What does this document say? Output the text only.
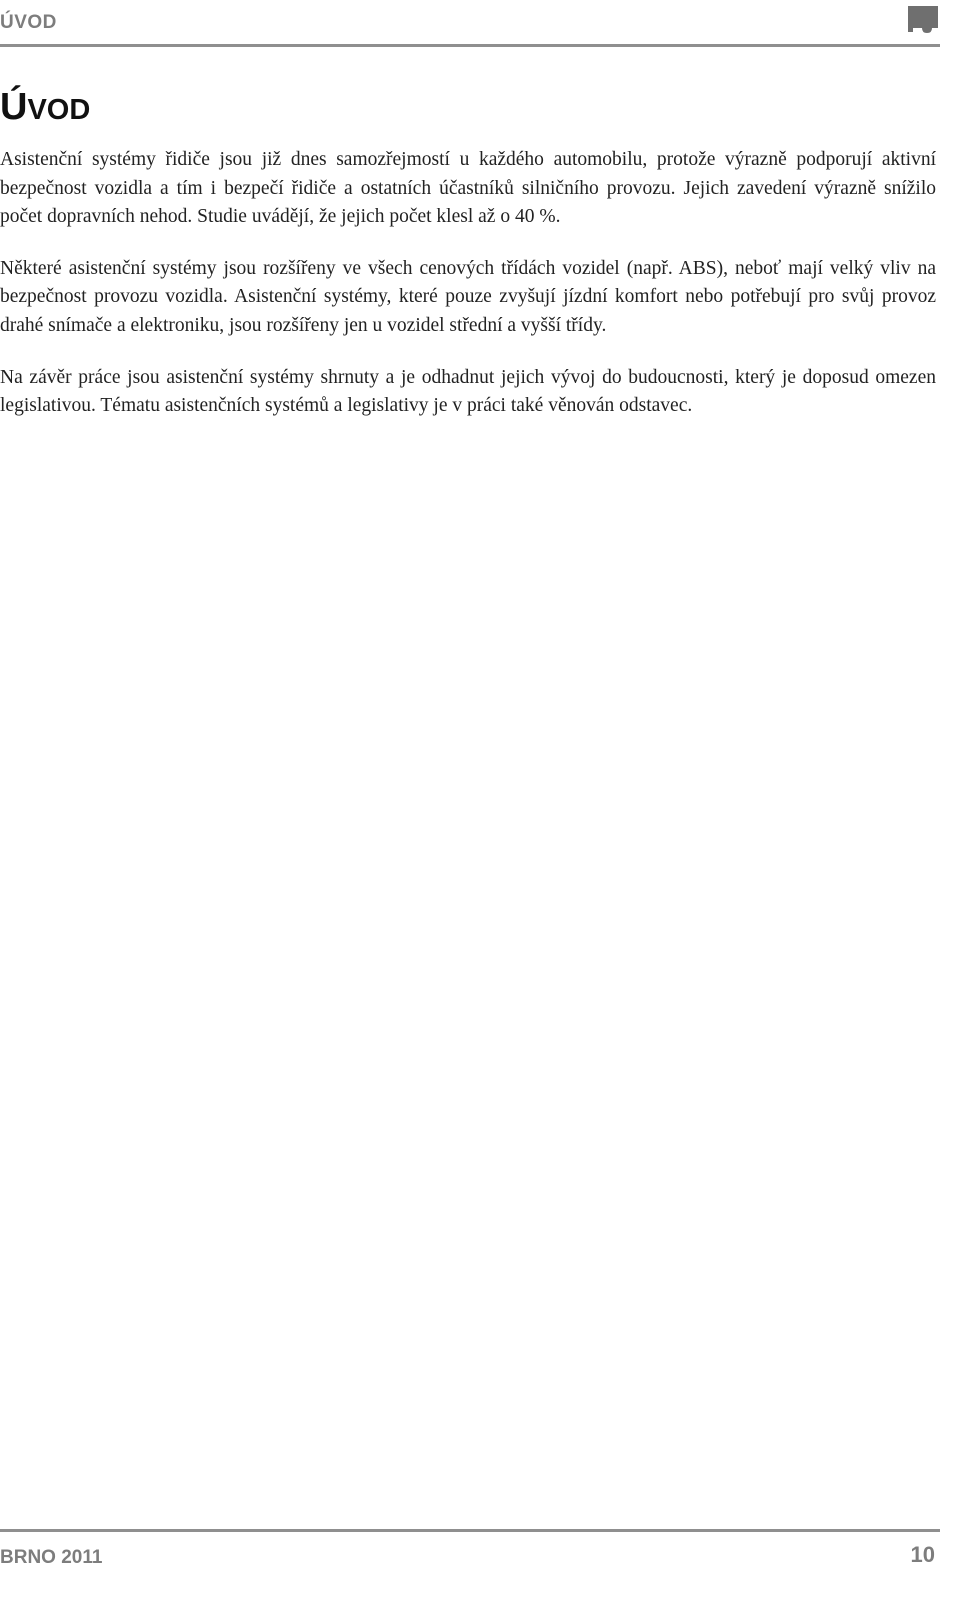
ÚVOD
ÚVOD

Asistenční systémy řidiče jsou již dnes samozřejmostí u každého automobilu, protože výrazně podporují aktivní bezpečnost vozidla a tím i bezpečí řidiče a ostatních účastníků silničního provozu. Jejich zavedení výrazně snížilo počet dopravních nehod. Studie uvádějí, že jejich počet klesl až o 40 %.

Některé asistenční systémy jsou rozšířeny ve všech cenových třídách vozidel (např. ABS), neboť mají velký vliv na bezpečnost provozu vozidla. Asistenční systémy, které pouze zvyšují jízdní komfort nebo potřebují pro svůj provoz drahé snímače a elektroniku, jsou rozšířeny jen u vozidel střední a vyšší třídy.

Na závěr práce jsou asistenční systémy shrnuty a je odhadnut jejich vývoj do budoucnosti, který je doposud omezen legislativou. Tématu asistenčních systémů a legislativy je v práci také věnován odstavec.

BRNO 2011	10
